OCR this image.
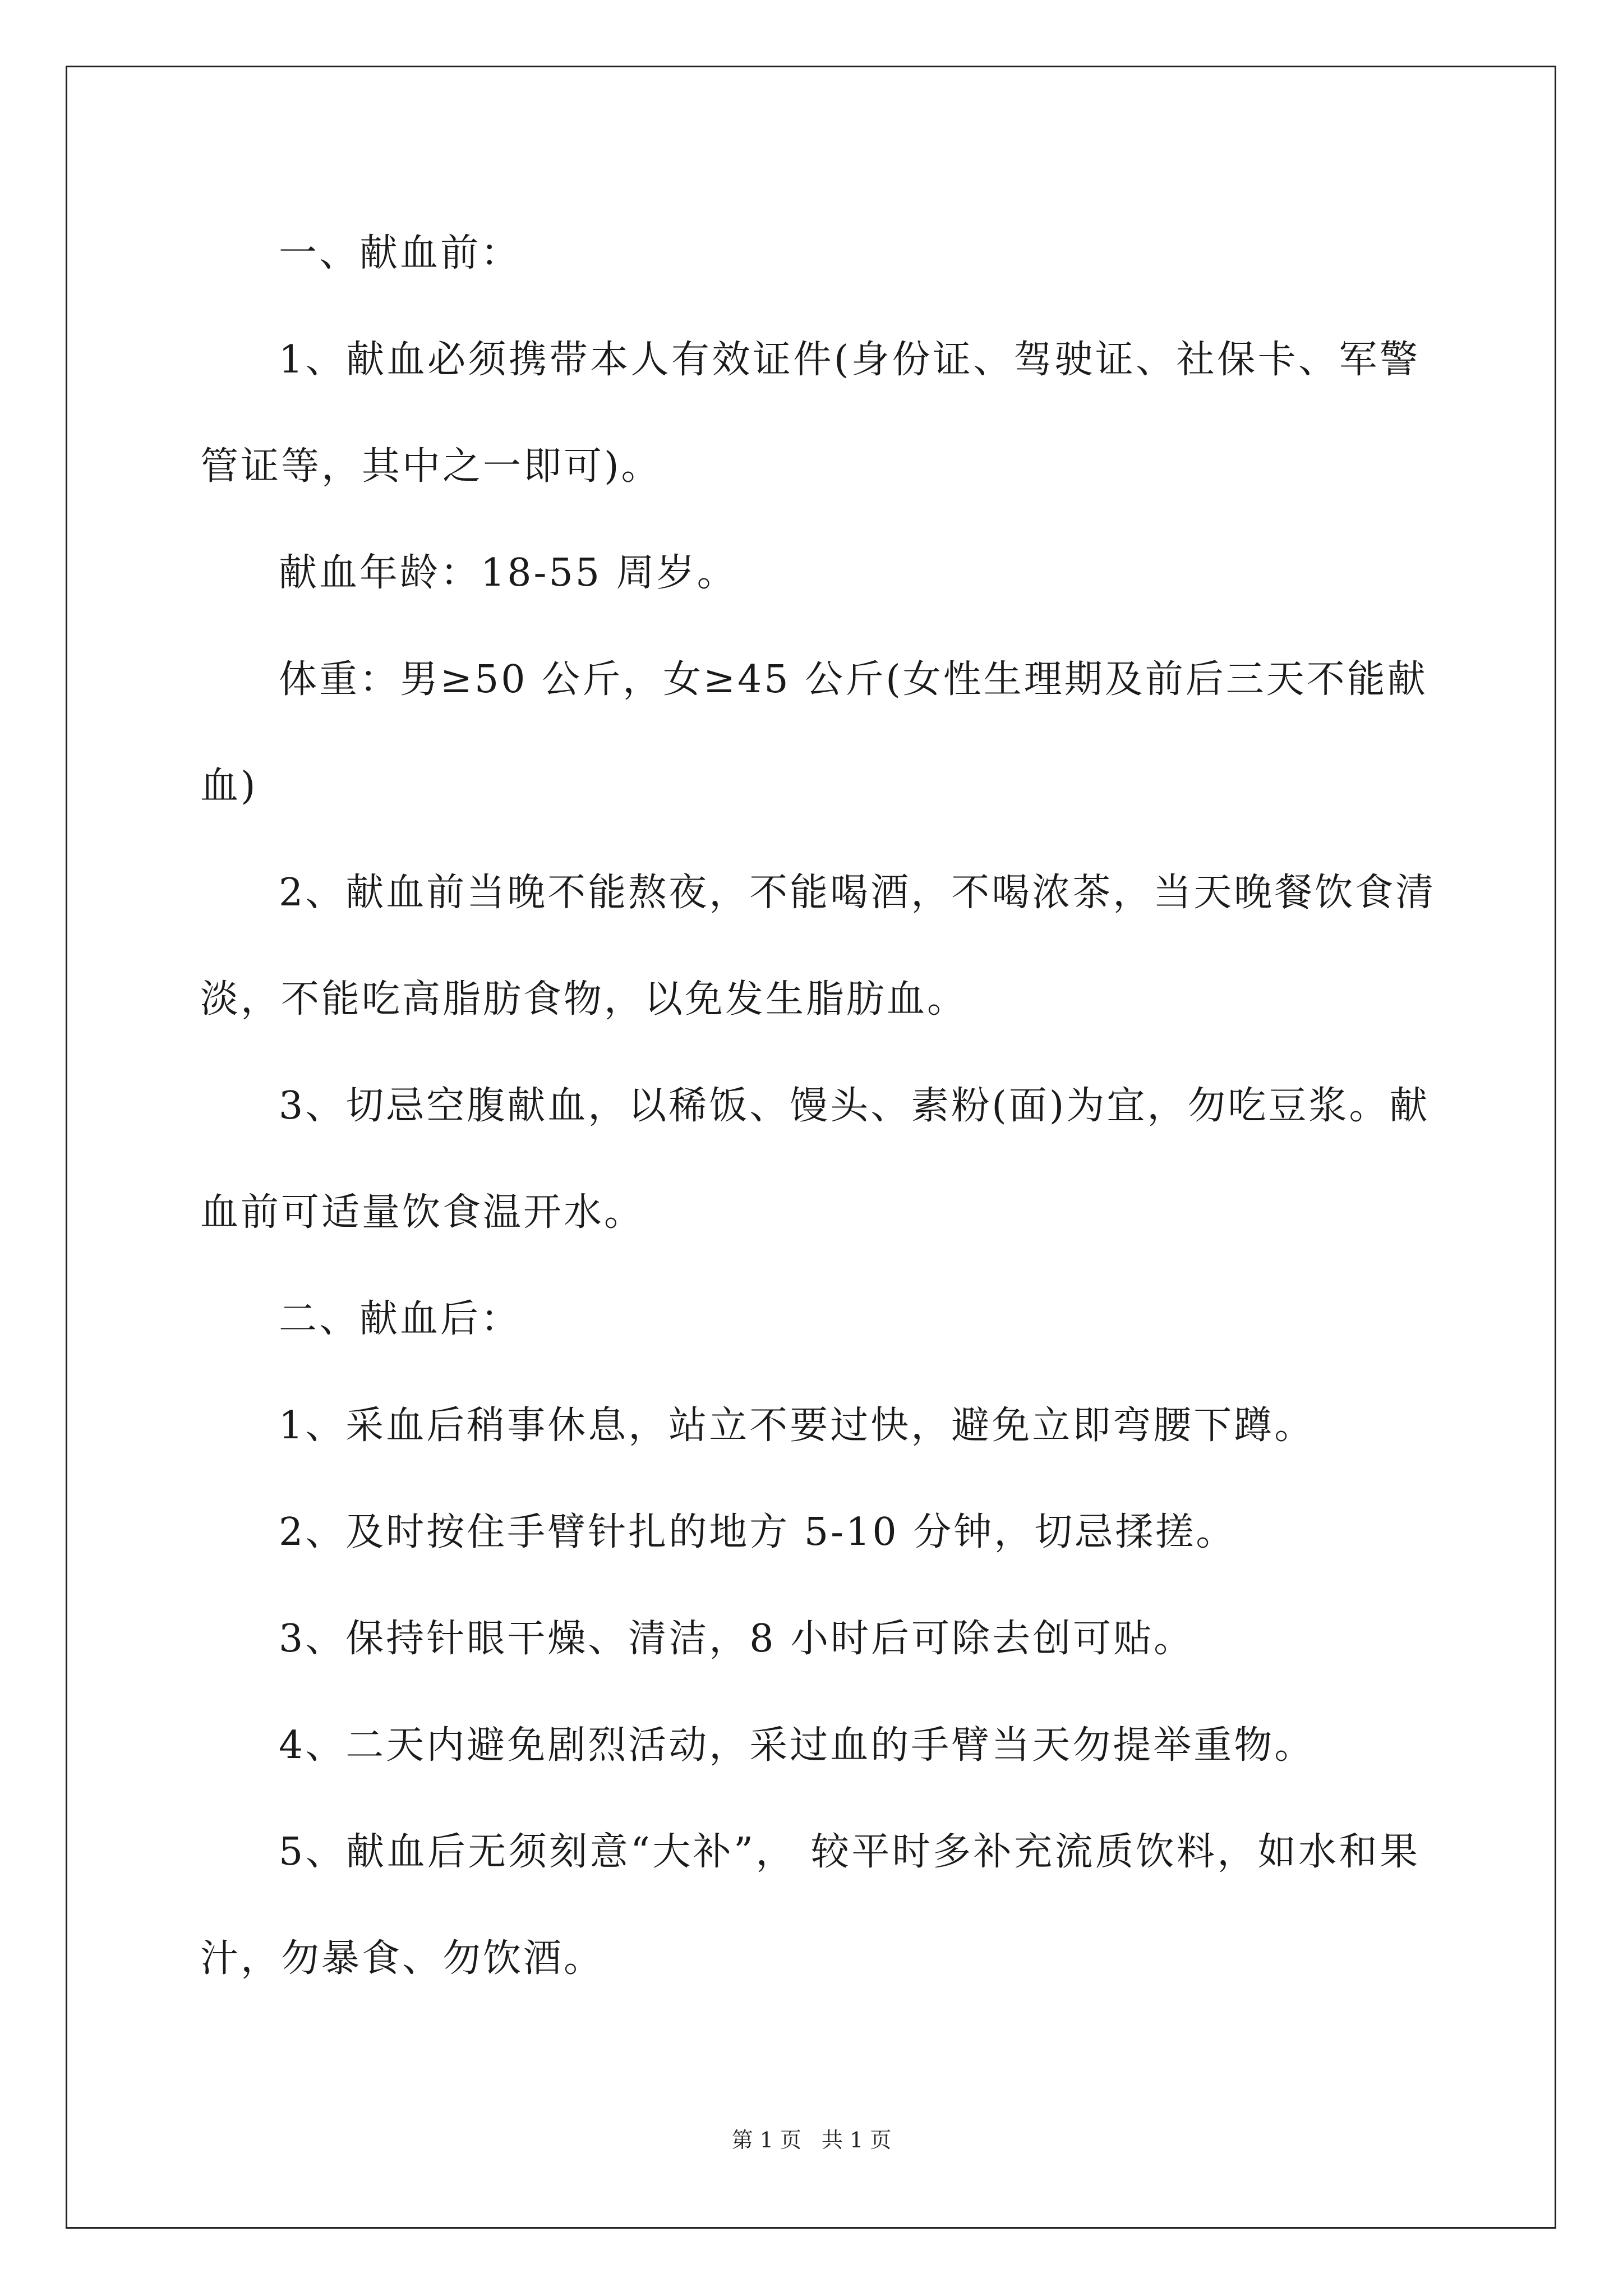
一、献血前：
1、献血必须携带本人有效证件(身份证、驾驶证、社保卡、军警
管证等，其中之一即可)。
献血年龄：18-55 周岁。
体重：男≥50 公斤，女≥45 公斤(女性生理期及前后三天不能献
血)
2、献血前当晚不能熬夜，不能喝酒，不喝浓茶，当天晚餐饮食清
淡，不能吃高脂肪食物，以免发生脂肪血。
3、切忌空腹献血，以稀饭、馒头、素粉(面)为宜，勿吃豆浆。献
血前可适量饮食温开水。
二、献血后：
1、采血后稍事休息，站立不要过快，避免立即弯腰下蹲。
2、及时按住手臂针扎的地方 5-10 分钟，切忌揉搓。
3、保持针眼干燥、清洁，8 小时后可除去创可贴。
4、二天内避免剧烈活动，采过血的手臂当天勿提举重物。
5、献血后无须刻意“大补”， 较平时多补充流质饮料，如水和果
汁，勿暴食、勿饮酒。
第 1 页 共 1 页
